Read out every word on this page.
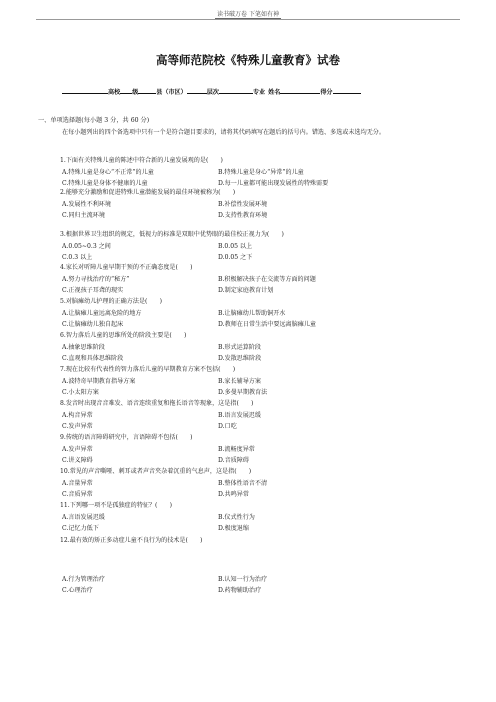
读书破万卷 下笔如有神
高等师范院校《特殊儿童教育》试卷
高校 级	县（市区）	层次	专业 姓名	得分
一、单项选择题(每小题 3 分，共 60 分)
在每小题列出的四个备选项中只有一个是符合题目要求的，请将其代码填写在题后的括号内。错选、多选或未选均无分。
1.下面有关特殊儿童的陈述中符合新的儿童发展观的是(　　)
A.特殊儿童是身心“不正常”的儿童	B.特殊儿童是身心“异常”的儿童
C.特殊儿童是身体不健康的儿童	D.每一儿童都可能出现发展性的特殊需要
2.能够充分激励和促进特殊儿童潜能发展的最佳环境被称为(　　)
A.发展性不利环境	B.补偿性发展环境
C.同归主流环境	D.支持性教育环境
3.根据世界卫生组织的规定，低视力的标准是双眼中优势眼的最佳校正视力为(　　)
A.0.05~0.3 之间	B.0.05 以上
C.0.3 以上	D.0.05 之下
4.家长对听障儿童早期干预的不正确态度是(　　)
A.努力寻找治疗的“秘方”	B.积极解决孩子在交流等方面的问题
C.正视孩子耳聋的现实	D.制定家庭教育计划
5.对脑瘫幼儿护理的正确方法是(　　)
A.让脑瘫儿童远离危险的地方	B.让脑瘫幼儿帮助铜开水
C.让脑瘫幼儿独自起床	D.教师在日常生活中要远离脑瘫儿童
6.智力落后儿童的思维所处的阶段主要是(　　)
A.抽象思维阶段	B.形式运算阶段
C.直观和具体思维阶段	D.发散思维阶段
7.现在比较有代表性的智力落后儿童的早期教育方案不包括(　　)
A.波特奇早期教育指导方案	B.家长辅导方案
C.小太阳方案	D.多曼早期教育法
8.发音时出现音音难发、语音连续重复和拖长语音等现象，这是指(　　)
A.构音异常	B.语言发展迟缓
C.发声异常	D.口吃
9.传统的语言障碍研究中，言语障碍不包括(　　)
A.发声异常	B.流畅度异常
C.讲义障碍	D.音质障碍
10.常见的声音嘶哑、刺耳或者声音夹杂着沉重的气息声，这是指(　　)
A.音量异常	B.整体性语音不清
C.音质异常	D.共鸣异常
11.下列哪一项不是孤独症的特征？(　　)
A.言语发展迟缓	B.仪式性行为
C.记忆力低下	D.极度退缩
12.最有效的矫正多动症儿童不良行为的技术是(　　)
A.行为管理治疗	B.认知一行为治疗
C.心理治疗	D.药物辅助治疗
